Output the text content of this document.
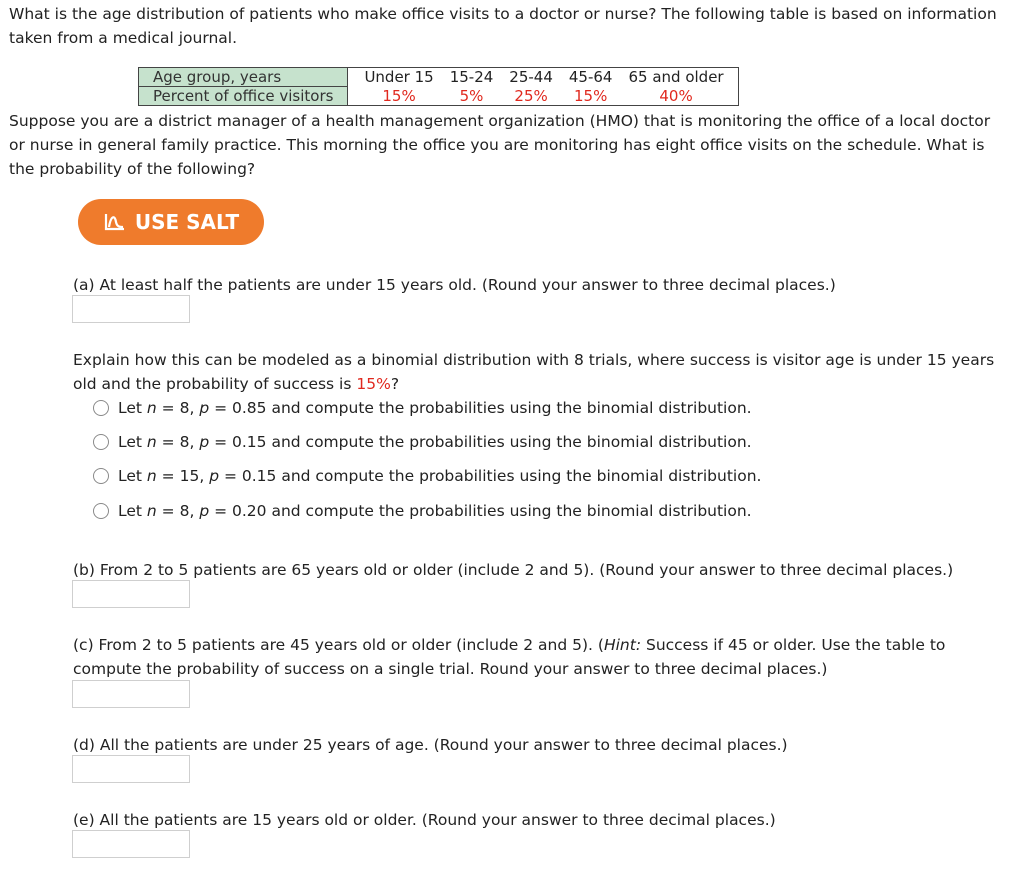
What is the age distribution of patients who make office visits to a doctor or nurse? The following table is based on information taken from a medical journal.
Age group, years	Under 15	15-24	25-44	45-64	65 and older
Percent of office visitors	15%	5%	25%	15%	40%
Suppose you are a district manager of a health management organization (HMO) that is monitoring the office of a local doctor or nurse in general family practice. This morning the office you are monitoring has eight office visits on the schedule. What is the probability of the following?
USE SALT
(a) At least half the patients are under 15 years old. (Round your answer to three decimal places.)
Explain how this can be modeled as a binomial distribution with 8 trials, where success is visitor age is under 15 years old and the probability of success is 15%?
Let n = 8, p = 0.85 and compute the probabilities using the binomial distribution.
Let n = 8, p = 0.15 and compute the probabilities using the binomial distribution.
Let n = 15, p = 0.15 and compute the probabilities using the binomial distribution.
Let n = 8, p = 0.20 and compute the probabilities using the binomial distribution.
(b) From 2 to 5 patients are 65 years old or older (include 2 and 5). (Round your answer to three decimal places.)
(c) From 2 to 5 patients are 45 years old or older (include 2 and 5). (Hint: Success if 45 or older. Use the table to compute the probability of success on a single trial. Round your answer to three decimal places.)
(d) All the patients are under 25 years of age. (Round your answer to three decimal places.)
(e) All the patients are 15 years old or older. (Round your answer to three decimal places.)
